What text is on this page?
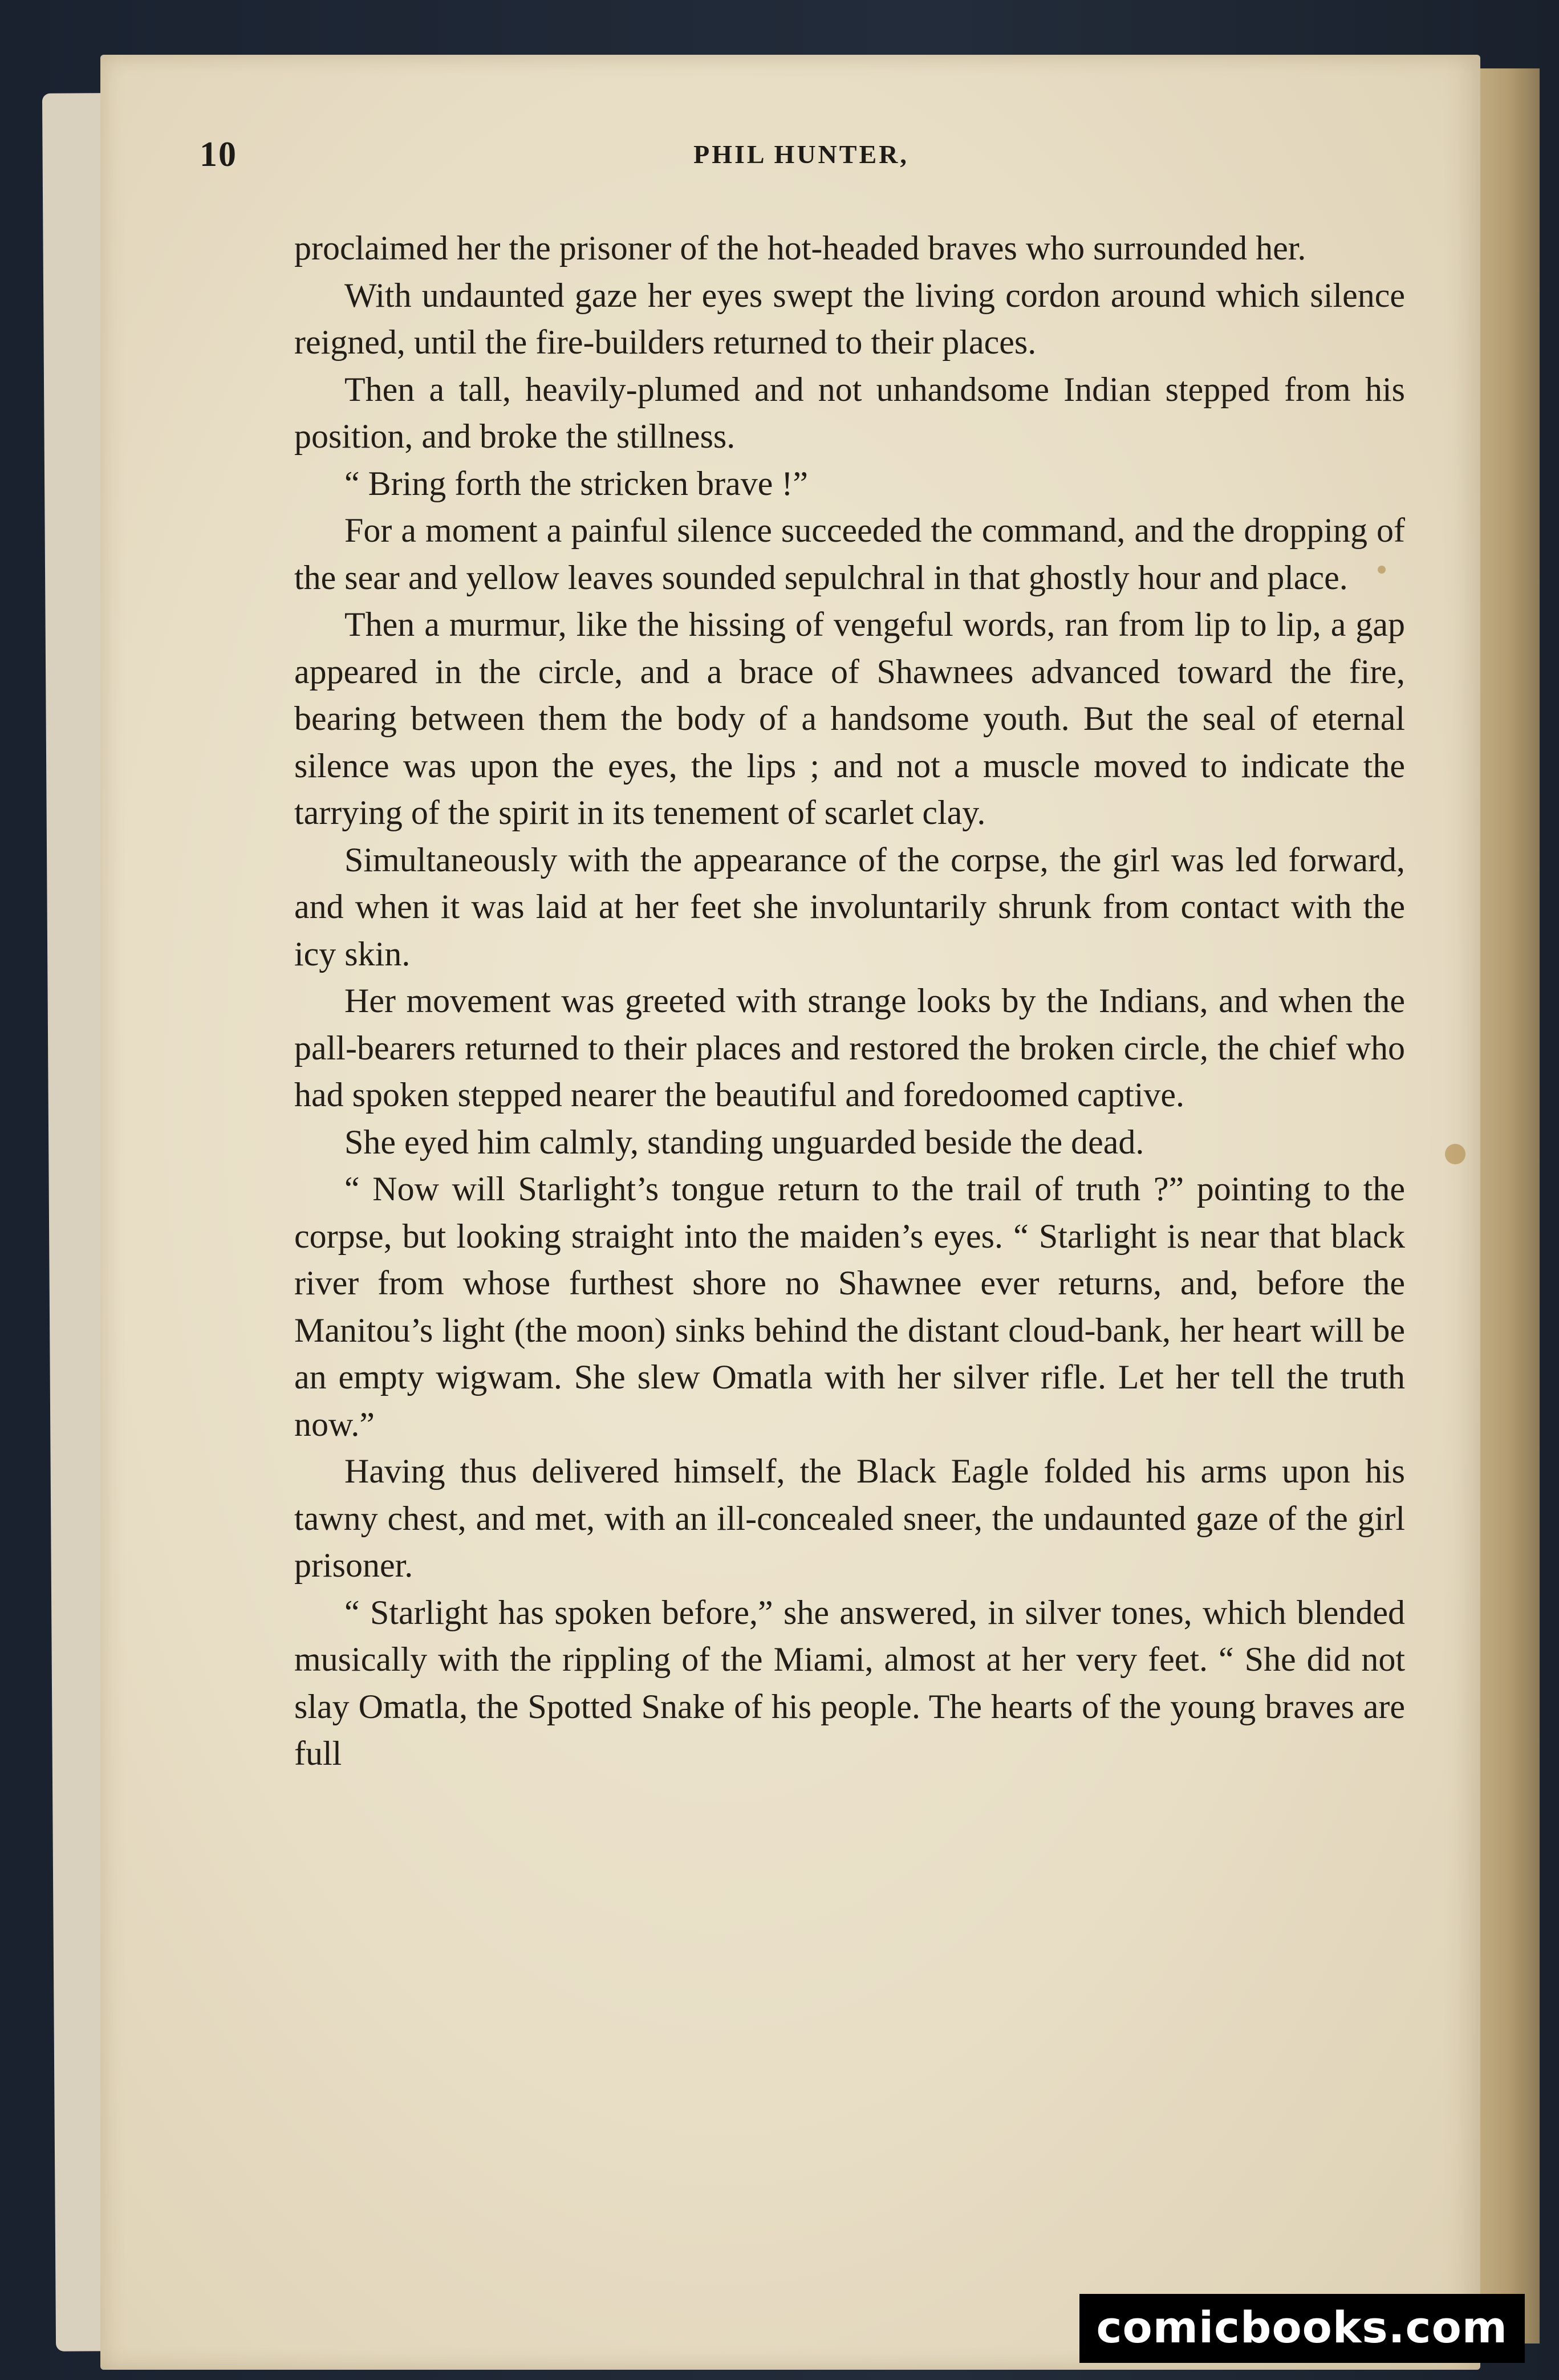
10	PHIL HUNTER,

proclaimed her the prisoner of the hot-headed braves who surrounded her.

With undaunted gaze her eyes swept the living cordon around which silence reigned, until the fire-builders returned to their places.

Then a tall, heavily-plumed and not unhandsome Indian stepped from his position, and broke the stillness.

“ Bring forth the stricken brave !”

For a moment a painful silence succeeded the command, and the dropping of the sear and yellow leaves sounded sepulchral in that ghostly hour and place.

Then a murmur, like the hissing of vengeful words, ran from lip to lip, a gap appeared in the circle, and a brace of Shawnees advanced toward the fire, bearing between them the body of a handsome youth. But the seal of eternal silence was upon the eyes, the lips ; and not a muscle moved to indicate the tarrying of the spirit in its tenement of scarlet clay.

Simultaneously with the appearance of the corpse, the girl was led forward, and when it was laid at her feet she involuntarily shrunk from contact with the icy skin.

Her movement was greeted with strange looks by the Indians, and when the pall-bearers returned to their places and restored the broken circle, the chief who had spoken stepped nearer the beautiful and foredoomed captive.

She eyed him calmly, standing unguarded beside the dead.

“ Now will Starlight’s tongue return to the trail of truth ?” pointing to the corpse, but looking straight into the maiden’s eyes. “ Starlight is near that black river from whose furthest shore no Shawnee ever returns, and, before the Manitou’s light (the moon) sinks behind the distant cloud-bank, her heart will be an empty wigwam. She slew Omatla with her silver rifle. Let her tell the truth now.”

Having thus delivered himself, the Black Eagle folded his arms upon his tawny chest, and met, with an ill-concealed sneer, the undaunted gaze of the girl prisoner.

“ Starlight has spoken before,” she answered, in silver tones, which blended musically with the rippling of the Miami, almost at her very feet. “ She did not slay Omatla, the Spotted Snake of his people. The hearts of the young braves are full

comicbooks.com
